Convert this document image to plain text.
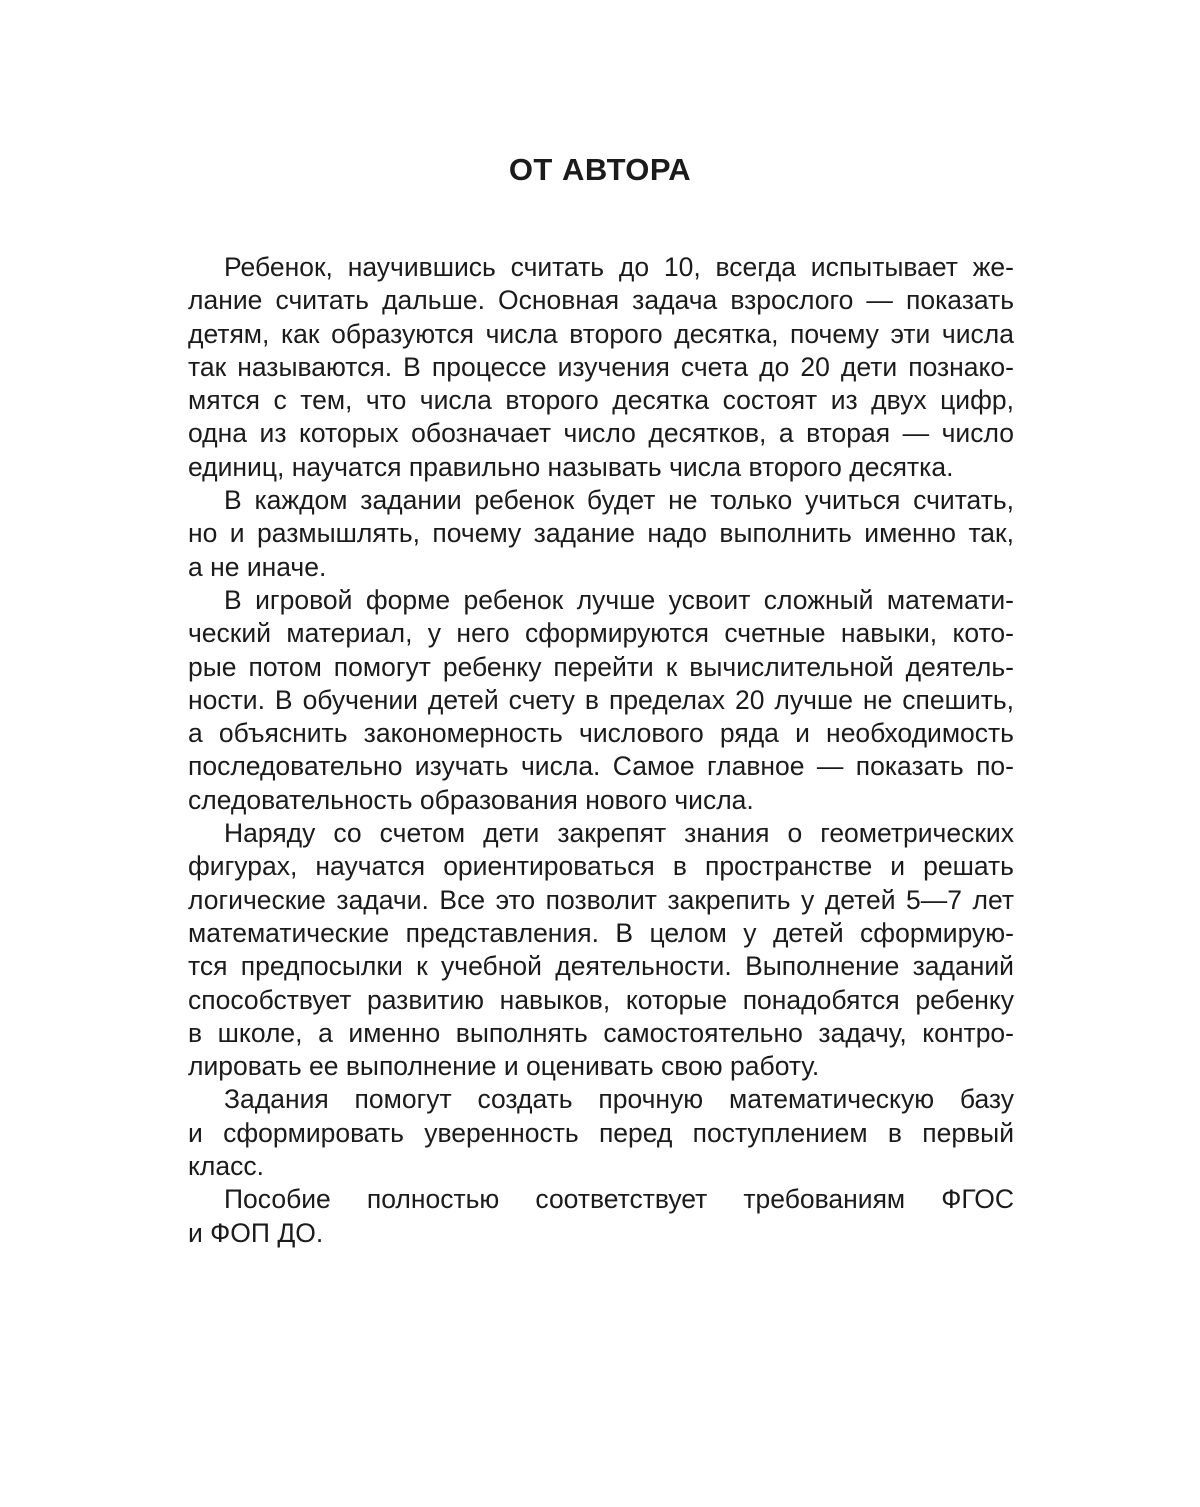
ОТ АВТОРА

Ребенок, научившись считать до 10, всегда испытывает же-
лание считать дальше. Основная задача взрослого — показать
детям, как образуются числа второго десятка, почему эти числа
так называются. В процессе изучения счета до 20 дети познако-
мятся с тем, что числа второго десятка состоят из двух цифр,
одна из которых обозначает число десятков, а вторая — число
единиц, научатся правильно называть числа второго десятка.

В каждом задании ребенок будет не только учиться считать,
но и размышлять, почему задание надо выполнить именно так,
а не иначе.

В игровой форме ребенок лучше усвоит сложный математи-
ческий материал, у него сформируются счетные навыки, кото-
рые потом помогут ребенку перейти к вычислительной деятель-
ности. В обучении детей счету в пределах 20 лучше не спешить,
а объяснить закономерность числового ряда и необходимость
последовательно изучать числа. Самое главное — показать по-
следовательность образования нового числа.

Наряду со счетом дети закрепят знания о геометрических
фигурах, научатся ориентироваться в пространстве и решать
логические задачи. Все это позволит закрепить у детей 5—7 лет
математические представления. В целом у детей сформирую-
тся предпосылки к учебной деятельности. Выполнение заданий
способствует развитию навыков, которые понадобятся ребенку
в школе, а именно выполнять самостоятельно задачу, контро-
лировать ее выполнение и оценивать свою работу.

Задания помогут создать прочную математическую базу
и сформировать уверенность перед поступлением в первый
класс.

Пособие полностью соответствует требованиям ФГОС
и ФОП ДО.
